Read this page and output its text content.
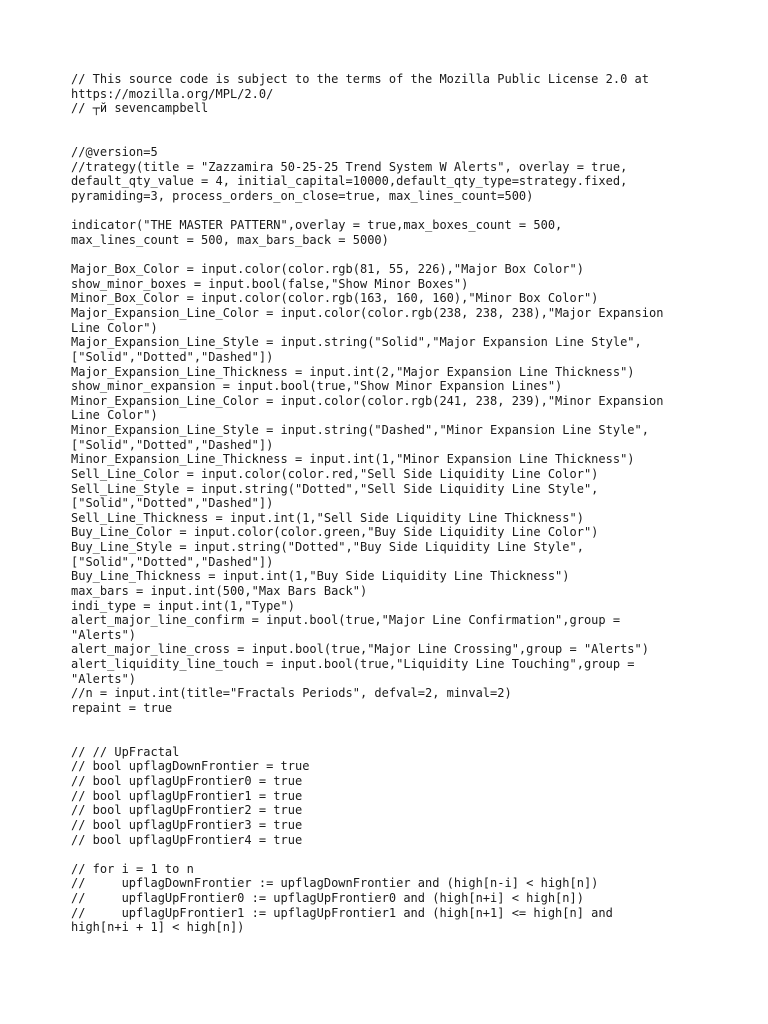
// This source code is subject to the terms of the Mozilla Public License 2.0 at
https://mozilla.org/MPL/2.0/
// ┬й sevencampbell
//@version=5
//trategy(title = "Zazzamira 50-25-25 Trend System W Alerts", overlay = true,
default_qty_value = 4, initial_capital=10000,default_qty_type=strategy.fixed,
pyramiding=3, process_orders_on_close=true, max_lines_count=500)
indicator("THE MASTER PATTERN",overlay = true,max_boxes_count = 500,
max_lines_count = 500, max_bars_back = 5000)
Major_Box_Color = input.color(color.rgb(81, 55, 226),"Major Box Color")
show_minor_boxes = input.bool(false,"Show Minor Boxes")
Minor_Box_Color = input.color(color.rgb(163, 160, 160),"Minor Box Color")
Major_Expansion_Line_Color = input.color(color.rgb(238, 238, 238),"Major Expansion
Line Color")
Major_Expansion_Line_Style = input.string("Solid","Major Expansion Line Style",
["Solid","Dotted","Dashed"])
Major_Expansion_Line_Thickness = input.int(2,"Major Expansion Line Thickness")
show_minor_expansion = input.bool(true,"Show Minor Expansion Lines")
Minor_Expansion_Line_Color = input.color(color.rgb(241, 238, 239),"Minor Expansion
Line Color")
Minor_Expansion_Line_Style = input.string("Dashed","Minor Expansion Line Style",
["Solid","Dotted","Dashed"])
Minor_Expansion_Line_Thickness = input.int(1,"Minor Expansion Line Thickness")
Sell_Line_Color = input.color(color.red,"Sell Side Liquidity Line Color")
Sell_Line_Style = input.string("Dotted","Sell Side Liquidity Line Style",
["Solid","Dotted","Dashed"])
Sell_Line_Thickness = input.int(1,"Sell Side Liquidity Line Thickness")
Buy_Line_Color = input.color(color.green,"Buy Side Liquidity Line Color")
Buy_Line_Style = input.string("Dotted","Buy Side Liquidity Line Style",
["Solid","Dotted","Dashed"])
Buy_Line_Thickness = input.int(1,"Buy Side Liquidity Line Thickness")
max_bars = input.int(500,"Max Bars Back")
indi_type = input.int(1,"Type")
alert_major_line_confirm = input.bool(true,"Major Line Confirmation",group =
"Alerts")
alert_major_line_cross = input.bool(true,"Major Line Crossing",group = "Alerts")
alert_liquidity_line_touch = input.bool(true,"Liquidity Line Touching",group =
"Alerts")
//n = input.int(title="Fractals Periods", defval=2, minval=2)
repaint = true
// // UpFractal
// bool upflagDownFrontier = true
// bool upflagUpFrontier0 = true
// bool upflagUpFrontier1 = true
// bool upflagUpFrontier2 = true
// bool upflagUpFrontier3 = true
// bool upflagUpFrontier4 = true
// for i = 1 to n
//     upflagDownFrontier := upflagDownFrontier and (high[n-i] < high[n])
//     upflagUpFrontier0 := upflagUpFrontier0 and (high[n+i] < high[n])
//     upflagUpFrontier1 := upflagUpFrontier1 and (high[n+1] <= high[n] and
high[n+i + 1] < high[n])
